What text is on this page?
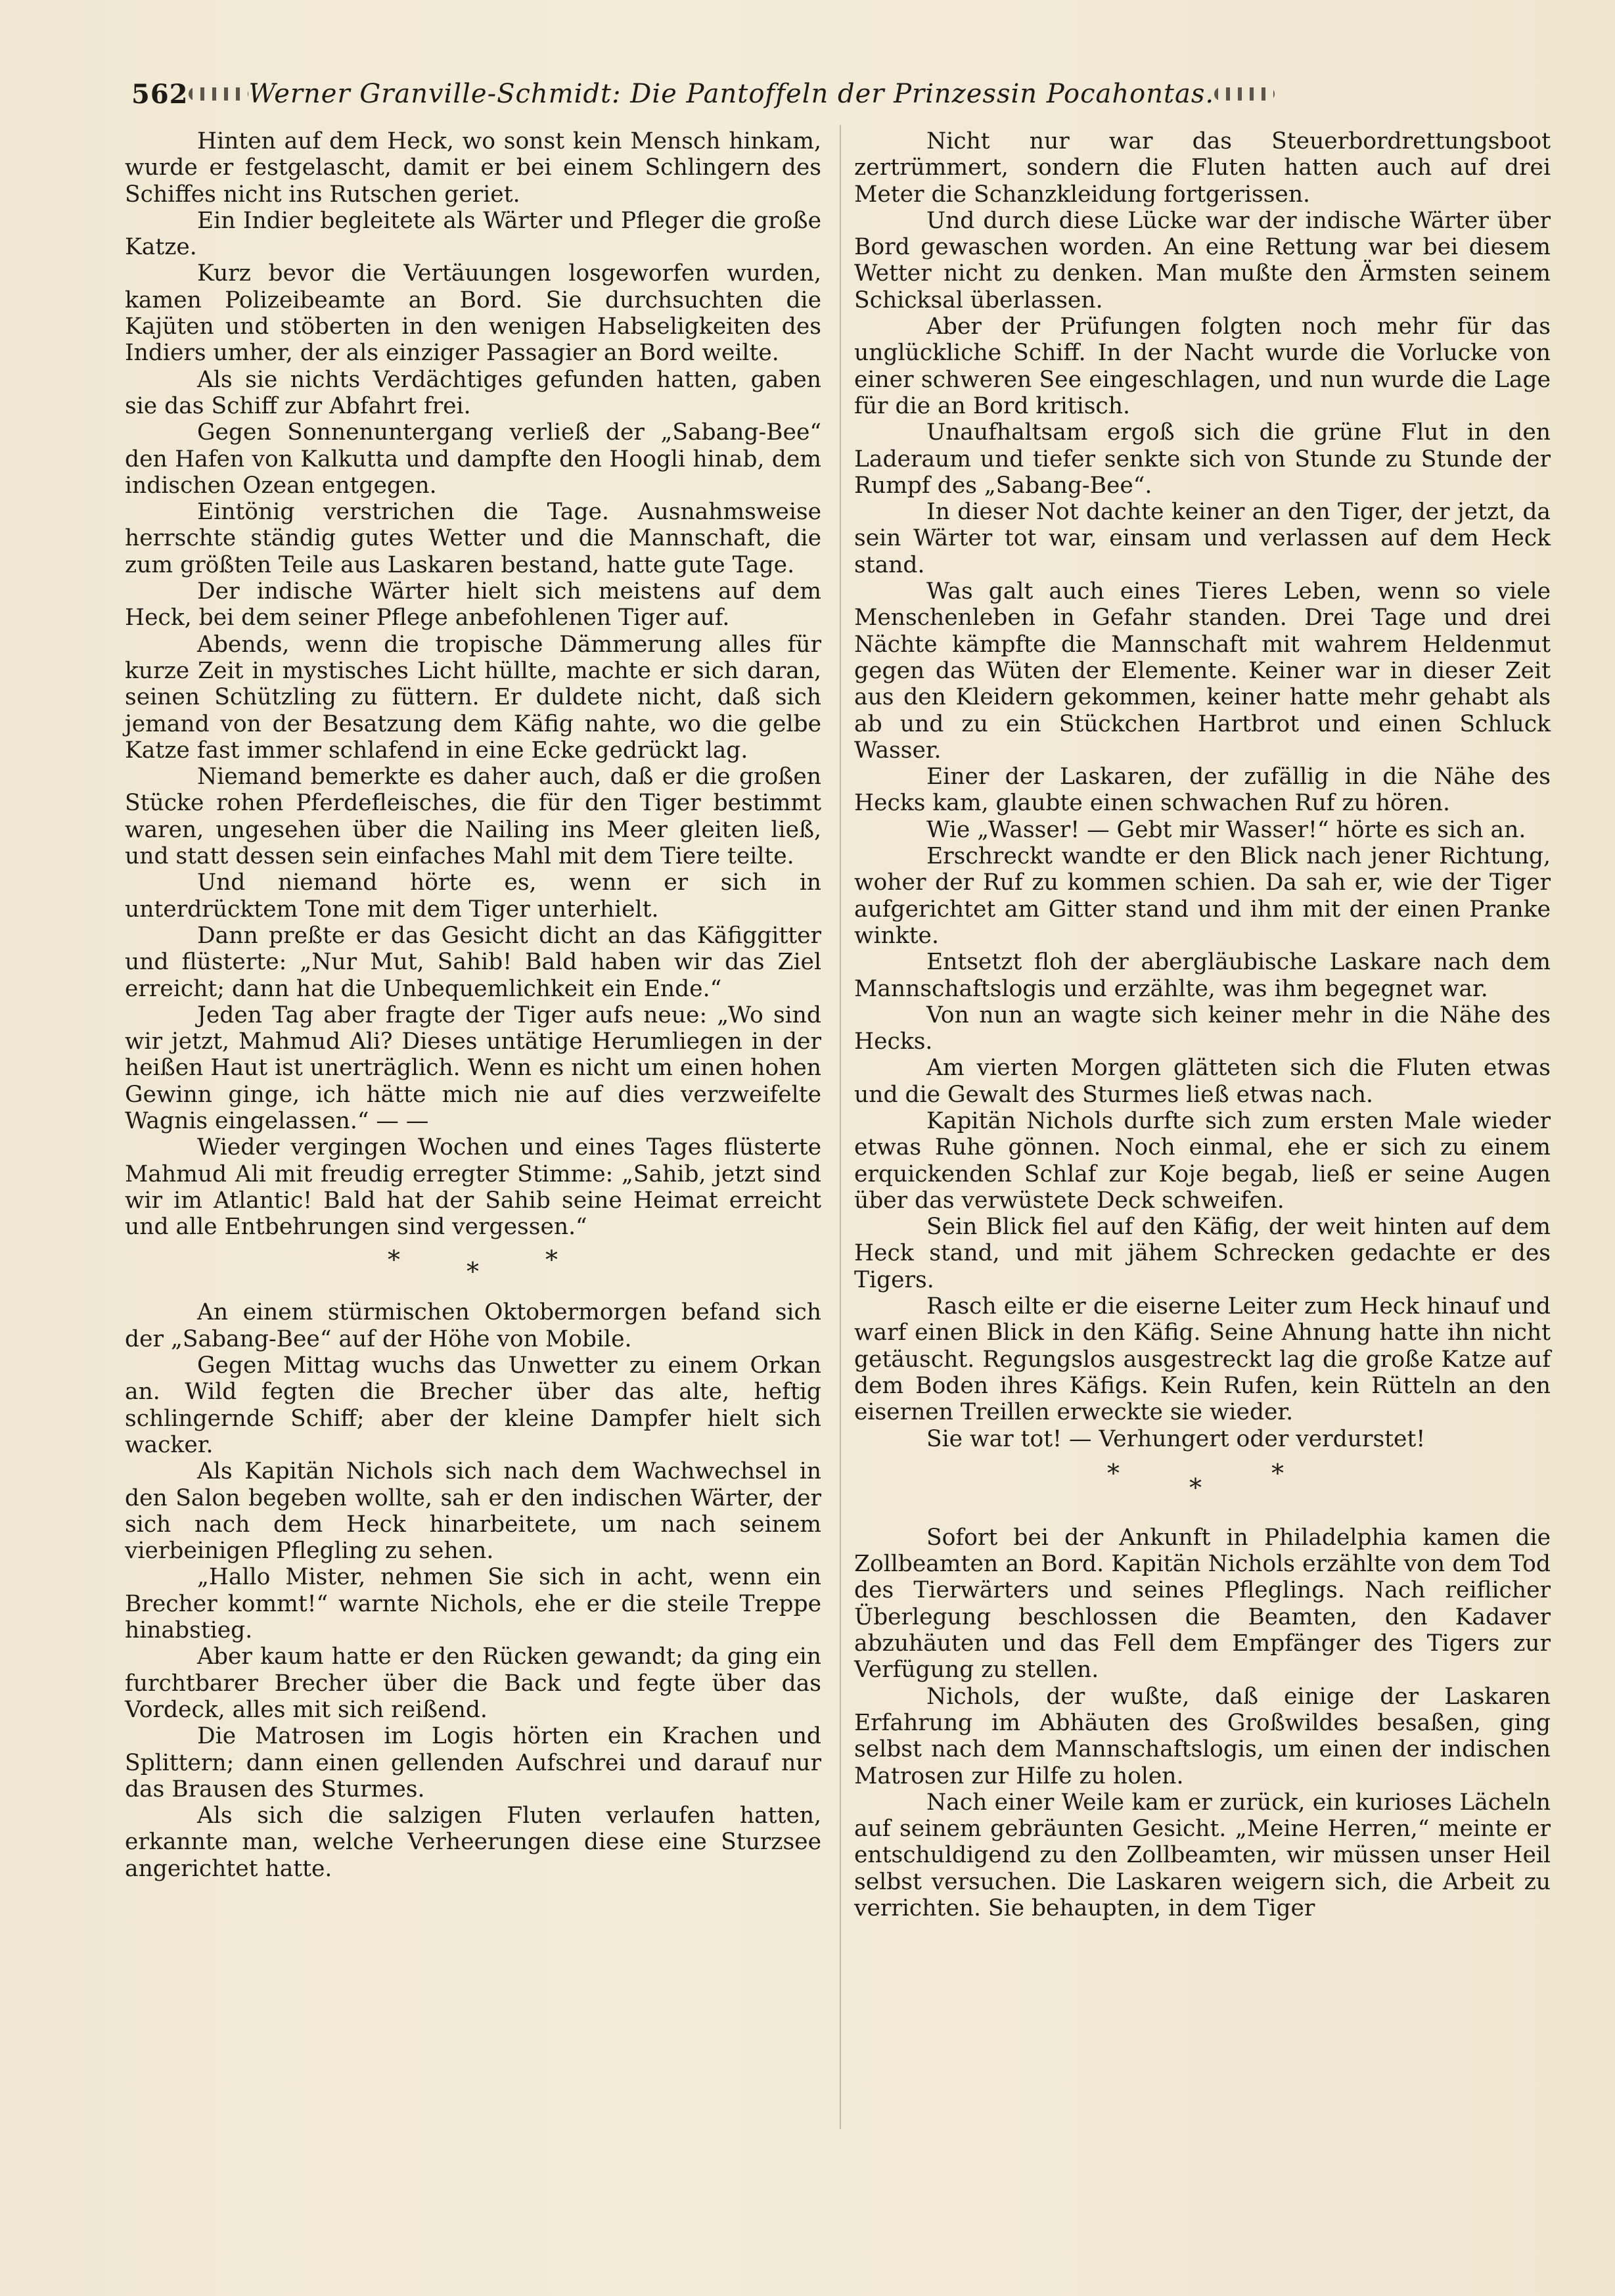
562 Werner Granville-Schmidt: Die Pantoffeln der Prinzessin Pocahontas.

Hinten auf dem Heck, wo sonst kein Mensch hinkam, wurde er festgelascht, damit er bei einem Schlingern des Schiffes nicht ins Rutschen geriet.

Ein Indier begleitete als Wärter und Pfleger die große Katze.

Kurz bevor die Vertäuungen losgeworfen wurden, kamen Polizeibeamte an Bord. Sie durchsuchten die Kajüten und stöberten in den wenigen Habseligkeiten des Indiers umher, der als einziger Passagier an Bord weilte.

Als sie nichts Verdächtiges gefunden hatten, gaben sie das Schiff zur Abfahrt frei.

Gegen Sonnenuntergang verließ der „Sabang-Bee“ den Hafen von Kalkutta und dampfte den Hoogli hinab, dem indischen Ozean entgegen.

Eintönig verstrichen die Tage. Ausnahmsweise herrschte ständig gutes Wetter und die Mannschaft, die zum größten Teile aus Laskaren bestand, hatte gute Tage.

Der indische Wärter hielt sich meistens auf dem Heck, bei dem seiner Pflege anbefohlenen Tiger auf.

Abends, wenn die tropische Dämmerung alles für kurze Zeit in mystisches Licht hüllte, machte er sich daran, seinen Schützling zu füttern. Er duldete nicht, daß sich jemand von der Besatzung dem Käfig nahte, wo die gelbe Katze fast immer schlafend in eine Ecke gedrückt lag.

Niemand bemerkte es daher auch, daß er die großen Stücke rohen Pferdefleisches, die für den Tiger bestimmt waren, ungesehen über die Nailing ins Meer gleiten ließ, und statt dessen sein einfaches Mahl mit dem Tiere teilte.

Und niemand hörte es, wenn er sich in unterdrücktem Tone mit dem Tiger unterhielt.

Dann preßte er das Gesicht dicht an das Käfiggitter und flüsterte: „Nur Mut, Sahib! Bald haben wir das Ziel erreicht; dann hat die Unbequemlichkeit ein Ende.“

Jeden Tag aber fragte der Tiger aufs neue: „Wo sind wir jetzt, Mahmud Ali? Dieses untätige Herumliegen in der heißen Haut ist unerträglich. Wenn es nicht um einen hohen Gewinn ginge, ich hätte mich nie auf dies verzweifelte Wagnis eingelassen.“ — —

Wieder vergingen Wochen und eines Tages flüsterte Mahmud Ali mit freudig erregter Stimme: „Sahib, jetzt sind wir im Atlantic! Bald hat der Sahib seine Heimat erreicht und alle Entbehrungen sind vergessen.“

*	*	*

An einem stürmischen Oktobermorgen befand sich der „Sabang-Bee“ auf der Höhe von Mobile.

Gegen Mittag wuchs das Unwetter zu einem Orkan an. Wild fegten die Brecher über das alte, heftig schlingernde Schiff; aber der kleine Dampfer hielt sich wacker.

Als Kapitän Nichols sich nach dem Wachwechsel in den Salon begeben wollte, sah er den indischen Wärter, der sich nach dem Heck hinarbeitete, um nach seinem vierbeinigen Pflegling zu sehen.

„Hallo Mister, nehmen Sie sich in acht, wenn ein Brecher kommt!“ warnte Nichols, ehe er die steile Treppe hinabstieg.

Aber kaum hatte er den Rücken gewandt; da ging ein furchtbarer Brecher über die Back und fegte über das Vordeck, alles mit sich reißend.

Die Matrosen im Logis hörten ein Krachen und Splittern; dann einen gellenden Aufschrei und darauf nur das Brausen des Sturmes.

Als sich die salzigen Fluten verlaufen hatten, erkannte man, welche Verheerungen diese eine Sturzsee angerichtet hatte.

Nicht nur war das Steuerbordrettungsboot zertrümmert, sondern die Fluten hatten auch auf drei Meter die Schanzkleidung fortgerissen.

Und durch diese Lücke war der indische Wärter über Bord gewaschen worden. An eine Rettung war bei diesem Wetter nicht zu denken. Man mußte den Ärmsten seinem Schicksal überlassen.

Aber der Prüfungen folgten noch mehr für das unglückliche Schiff. In der Nacht wurde die Vorlucke von einer schweren See eingeschlagen, und nun wurde die Lage für die an Bord kritisch.

Unaufhaltsam ergoß sich die grüne Flut in den Laderaum und tiefer senkte sich von Stunde zu Stunde der Rumpf des „Sabang-Bee“.

In dieser Not dachte keiner an den Tiger, der jetzt, da sein Wärter tot war, einsam und verlassen auf dem Heck stand.

Was galt auch eines Tieres Leben, wenn so viele Menschenleben in Gefahr standen. Drei Tage und drei Nächte kämpfte die Mannschaft mit wahrem Heldenmut gegen das Wüten der Elemente. Keiner war in dieser Zeit aus den Kleidern gekommen, keiner hatte mehr gehabt als ab und zu ein Stückchen Hartbrot und einen Schluck Wasser.

Einer der Laskaren, der zufällig in die Nähe des Hecks kam, glaubte einen schwachen Ruf zu hören.

Wie „Wasser! — Gebt mir Wasser!“ hörte es sich an.

Erschreckt wandte er den Blick nach jener Richtung, woher der Ruf zu kommen schien. Da sah er, wie der Tiger aufgerichtet am Gitter stand und ihm mit der einen Pranke winkte.

Entsetzt floh der abergläubische Laskare nach dem Mannschaftslogis und erzählte, was ihm begegnet war.

Von nun an wagte sich keiner mehr in die Nähe des Hecks.

Am vierten Morgen glätteten sich die Fluten etwas und die Gewalt des Sturmes ließ etwas nach.

Kapitän Nichols durfte sich zum ersten Male wieder etwas Ruhe gönnen. Noch einmal, ehe er sich zu einem erquickenden Schlaf zur Koje begab, ließ er seine Augen über das verwüstete Deck schweifen.

Sein Blick fiel auf den Käfig, der weit hinten auf dem Heck stand, und mit jähem Schrecken gedachte er des Tigers.

Rasch eilte er die eiserne Leiter zum Heck hinauf und warf einen Blick in den Käfig. Seine Ahnung hatte ihn nicht getäuscht. Regungslos ausgestreckt lag die große Katze auf dem Boden ihres Käfigs. Kein Rufen, kein Rütteln an den eisernen Treillen erweckte sie wieder.

Sie war tot! — Verhungert oder verdurstet!

*	*	*

Sofort bei der Ankunft in Philadelphia kamen die Zollbeamten an Bord. Kapitän Nichols erzählte von dem Tod des Tierwärters und seines Pfleglings. Nach reiflicher Überlegung beschlossen die Beamten, den Kadaver abzuhäuten und das Fell dem Empfänger des Tigers zur Verfügung zu stellen.

Nichols, der wußte, daß einige der Laskaren Erfahrung im Abhäuten des Großwildes besaßen, ging selbst nach dem Mannschaftslogis, um einen der indischen Matrosen zur Hilfe zu holen.

Nach einer Weile kam er zurück, ein kurioses Lächeln auf seinem gebräunten Gesicht. „Meine Herren,“ meinte er entschuldigend zu den Zollbeamten, wir müssen unser Heil selbst versuchen. Die Laskaren weigern sich, die Arbeit zu verrichten. Sie behaupten, in dem Tiger
